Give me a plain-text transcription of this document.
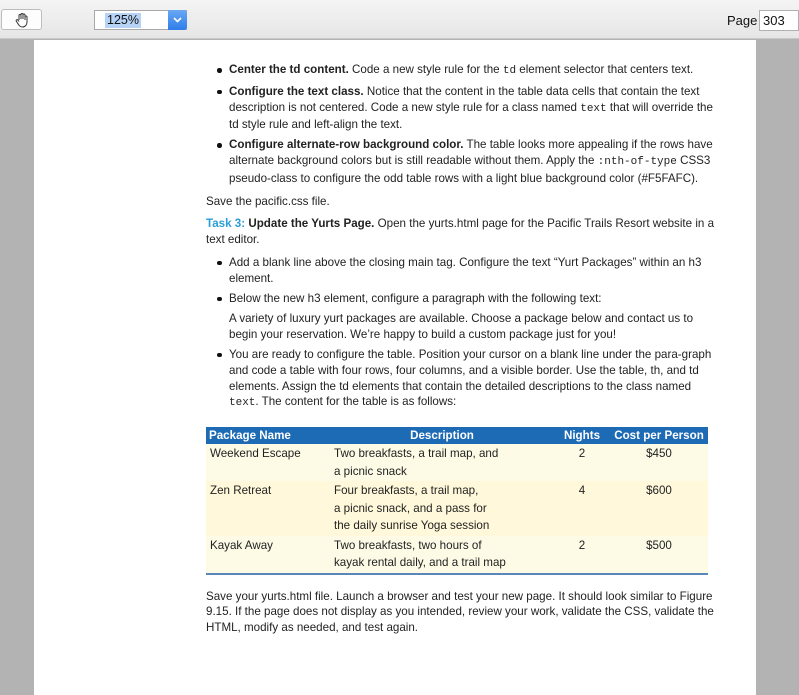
125%	Page 303

Center the td content. Code a new style rule for the td element selector that centers text.

Configure the text class. Notice that the content in the table data cells that contain the text description is not centered. Code a new style rule for a class named text that will override the td style rule and left-align the text.

Configure alternate-row background color. The table looks more appealing if the rows have alternate background colors but is still readable without them. Apply the :nth-of-type CSS3 pseudo-class to configure the odd table rows with a light blue background color (#F5FAFC).

Save the pacific.css file.

Task 3: Update the Yurts Page. Open the yurts.html page for the Pacific Trails Resort website in a text editor.

Add a blank line above the closing main tag. Configure the text “Yurt Packages” within an h3 element.

Below the new h3 element, configure a paragraph with the following text:

A variety of luxury yurt packages are available. Choose a package below and contact us to begin your reservation. We’re happy to build a custom package just for you!

You are ready to configure the table. Position your cursor on a blank line under the para-graph and code a table with four rows, four columns, and a visible border. Use the table, th, and td elements. Assign the td elements that contain the detailed descriptions to the class named text. The content for the table is as follows:

Package Name	Description	Nights	Cost per Person
Weekend Escape	Two breakfasts, a trail map, and
a picnic snack	2	$450
Zen Retreat	Four breakfasts, a trail map,
a picnic snack, and a pass for
the daily sunrise Yoga session	4	$600
Kayak Away	Two breakfasts, two hours of
kayak rental daily, and a trail map	2	$500

Save your yurts.html file. Launch a browser and test your new page. It should look similar to Figure 9.15. If the page does not display as you intended, review your work, validate the CSS, validate the HTML, modify as needed, and test again.
